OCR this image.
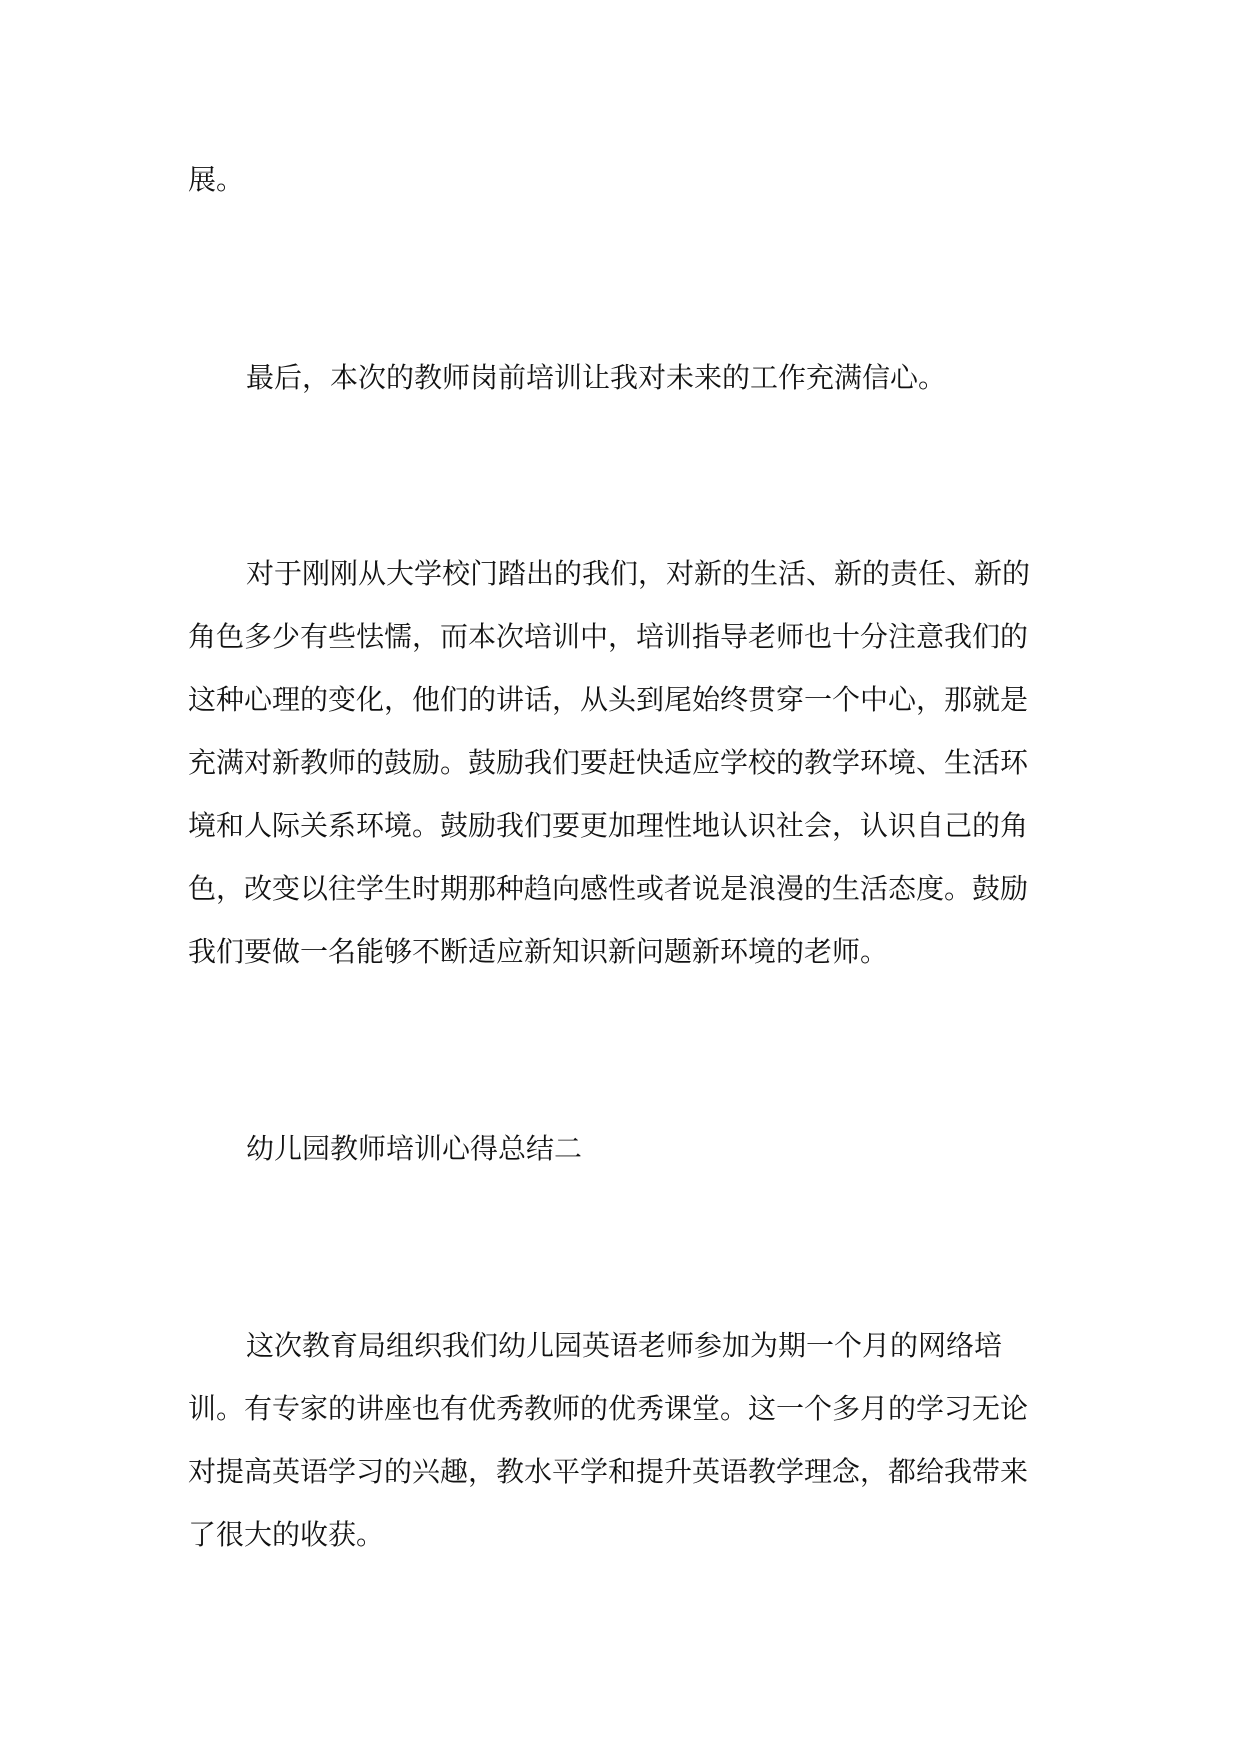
展。
最后，本次的教师岗前培训让我对未来的工作充满信心。
对于刚刚从大学校门踏出的我们，对新的生活、新的责任、新的
角色多少有些怯懦，而本次培训中，培训指导老师也十分注意我们的
这种心理的变化，他们的讲话，从头到尾始终贯穿一个中心，那就是
充满对新教师的鼓励。鼓励我们要赶快适应学校的教学环境、生活环
境和人际关系环境。鼓励我们要更加理性地认识社会，认识自己的角
色，改变以往学生时期那种趋向感性或者说是浪漫的生活态度。鼓励
我们要做一名能够不断适应新知识新问题新环境的老师。
幼儿园教师培训心得总结二
这次教育局组织我们幼儿园英语老师参加为期一个月的网络培
训。有专家的讲座也有优秀教师的优秀课堂。这一个多月的学习无论
对提高英语学习的兴趣，教水平学和提升英语教学理念，都给我带来
了很大的收获。
